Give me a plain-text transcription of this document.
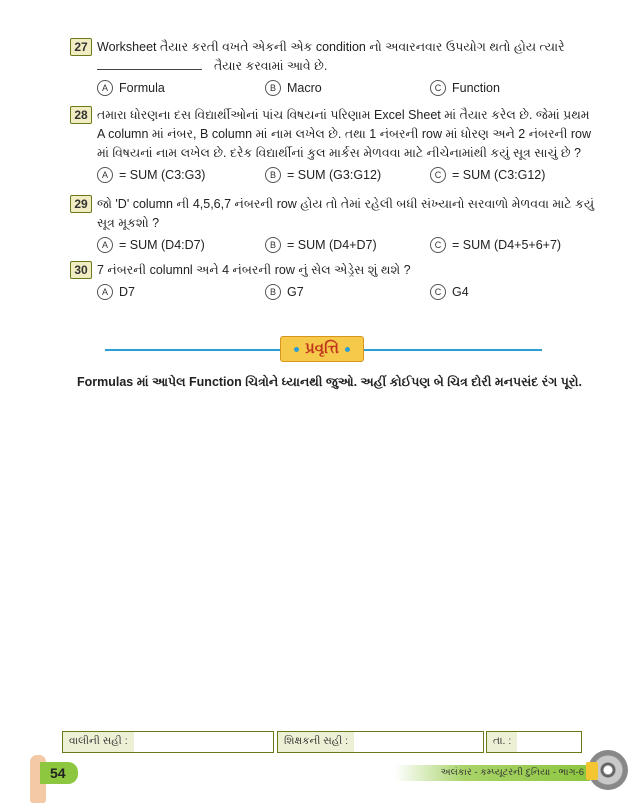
27 Worksheet તૈયાર કરતી વખતે એકની એક condition નો અવારનવાર ઉપયોગ થતો હોય ત્યારે
તૈયાર કરવામાં આવે છે.
A Formula	B Macro	C Function
28 તમારા ધોરણના દસ વિદ્યાર્થીઓનાં પાંચ વિષયનાં પરિણામ Excel Sheet માં તૈયાર કરેલ છે. જેમાં પ્રથમ A column માં નંબર, B column માં નામ લખેલ છે. તથા 1 નંબરની row માં ધોરણ અને 2 નંબરની row માં વિષયનાં નામ લખેલ છે. દરેક વિદ્યાર્થીનાં કુલ માર્કસ મેળવવા માટે નીચેનામાંથી કયું સૂત્ર સાચું છે ?
A = SUM (C3:G3)	B = SUM (G3:G12)	C = SUM (C3:G12)
29 જો 'D' column ની 4,5,6,7 નંબરની row હોય તો તેમાં રહેલી બધી સંખ્યાનો સરવાળો મેળવવા માટે કયું સૂત્ર મૂકશો ?
A = SUM (D4:D7)	B = SUM (D4+D7)	C = SUM (D4+5+6+7)
30 7 નંબરની columnl અને 4 નંબરની row નું સેલ એડ્રેસ શું થશે ?
A D7	B G7	C G4
પ્રવૃત્તિ
Formulas માં આપેલ Function ચિત્રોને ધ્યાનથી જુઓ. અહીં કોઈપણ બે ચિત્ર દોરી મનપસંદ રંગ પૂરો.
વાલીની સહી :	શિક્ષકની સહી :	તા. :
54	અલંકાર - કમ્પ્યૂટરની દુનિયા - ભાગ-6
